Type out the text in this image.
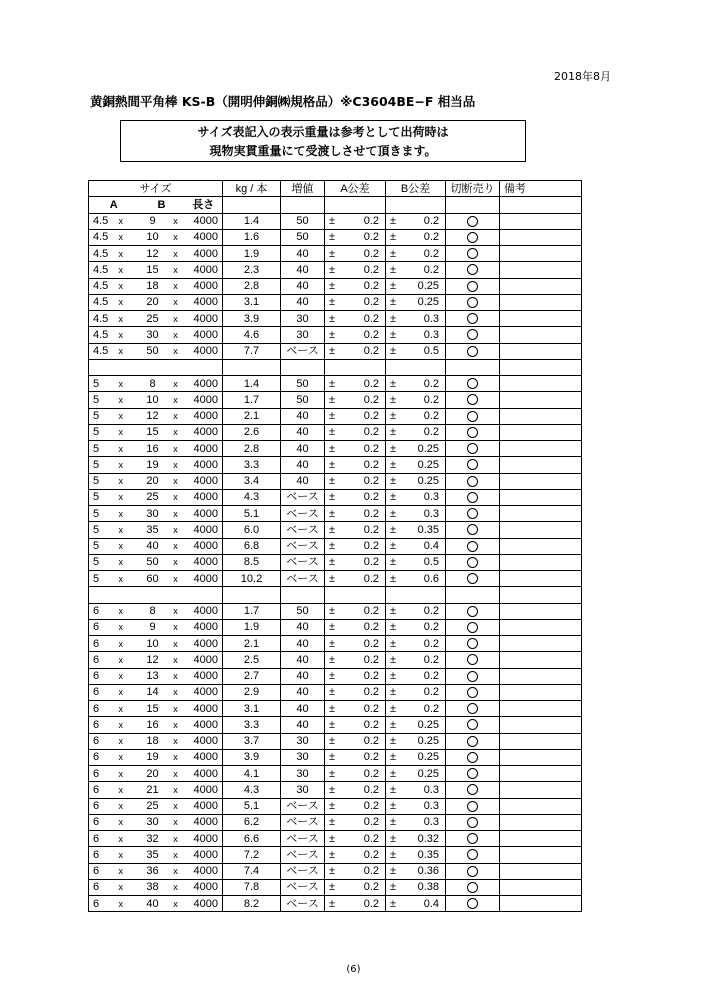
2018年8月
黄銅熱間平角棒 KS-B（開明伸銅㈱規格品）※C3604BE−F 相当品
サイズ表記入の表示重量は参考として出荷時は
現物実貫重量にて受渡しさせて頂きます。
サイズ					kg / 本	増値	A公差		B公差		切断売り	備考
A		B		長さ								
4.5	x	9	x	4000	1.4	50	±	0.2	±	0.2		
4.5	x	10	x	4000	1.6	50	±	0.2	±	0.2		
4.5	x	12	x	4000	1.9	40	±	0.2	±	0.2		
4.5	x	15	x	4000	2.3	40	±	0.2	±	0.2		
4.5	x	18	x	4000	2.8	40	±	0.2	±	0.25		
4.5	x	20	x	4000	3.1	40	±	0.2	±	0.25		
4.5	x	25	x	4000	3.9	30	±	0.2	±	0.3		
4.5	x	30	x	4000	4.6	30	±	0.2	±	0.3		
4.5	x	50	x	4000	7.7	ベース	±	0.2	±	0.5		

5	x	8	x	4000	1.4	50	±	0.2	±	0.2		
5	x	10	x	4000	1.7	50	±	0.2	±	0.2		
5	x	12	x	4000	2.1	40	±	0.2	±	0.2		
5	x	15	x	4000	2.6	40	±	0.2	±	0.2		
5	x	16	x	4000	2.8	40	±	0.2	±	0.25		
5	x	19	x	4000	3.3	40	±	0.2	±	0.25		
5	x	20	x	4000	3.4	40	±	0.2	±	0.25		
5	x	25	x	4000	4.3	ベース	±	0.2	±	0.3		
5	x	30	x	4000	5.1	ベース	±	0.2	±	0.3		
5	x	35	x	4000	6.0	ベース	±	0.2	±	0.35		
5	x	40	x	4000	6.8	ベース	±	0.2	±	0.4		
5	x	50	x	4000	8.5	ベース	±	0.2	±	0.5		
5	x	60	x	4000	10.2	ベース	±	0.2	±	0.6		

6	x	8	x	4000	1.7	50	±	0.2	±	0.2		
6	x	9	x	4000	1.9	40	±	0.2	±	0.2		
6	x	10	x	4000	2.1	40	±	0.2	±	0.2		
6	x	12	x	4000	2.5	40	±	0.2	±	0.2		
6	x	13	x	4000	2.7	40	±	0.2	±	0.2		
6	x	14	x	4000	2.9	40	±	0.2	±	0.2		
6	x	15	x	4000	3.1	40	±	0.2	±	0.2		
6	x	16	x	4000	3.3	40	±	0.2	±	0.25		
6	x	18	x	4000	3.7	30	±	0.2	±	0.25		
6	x	19	x	4000	3.9	30	±	0.2	±	0.25		
6	x	20	x	4000	4.1	30	±	0.2	±	0.25		
6	x	21	x	4000	4.3	30	±	0.2	±	0.3		
6	x	25	x	4000	5.1	ベース	±	0.2	±	0.3		
6	x	30	x	4000	6.2	ベース	±	0.2	±	0.3		
6	x	32	x	4000	6.6	ベース	±	0.2	±	0.32		
6	x	35	x	4000	7.2	ベース	±	0.2	±	0.35		
6	x	36	x	4000	7.4	ベース	±	0.2	±	0.36		
6	x	38	x	4000	7.8	ベース	±	0.2	±	0.38		
6	x	40	x	4000	8.2	ベース	±	0.2	±	0.4		
(6)
